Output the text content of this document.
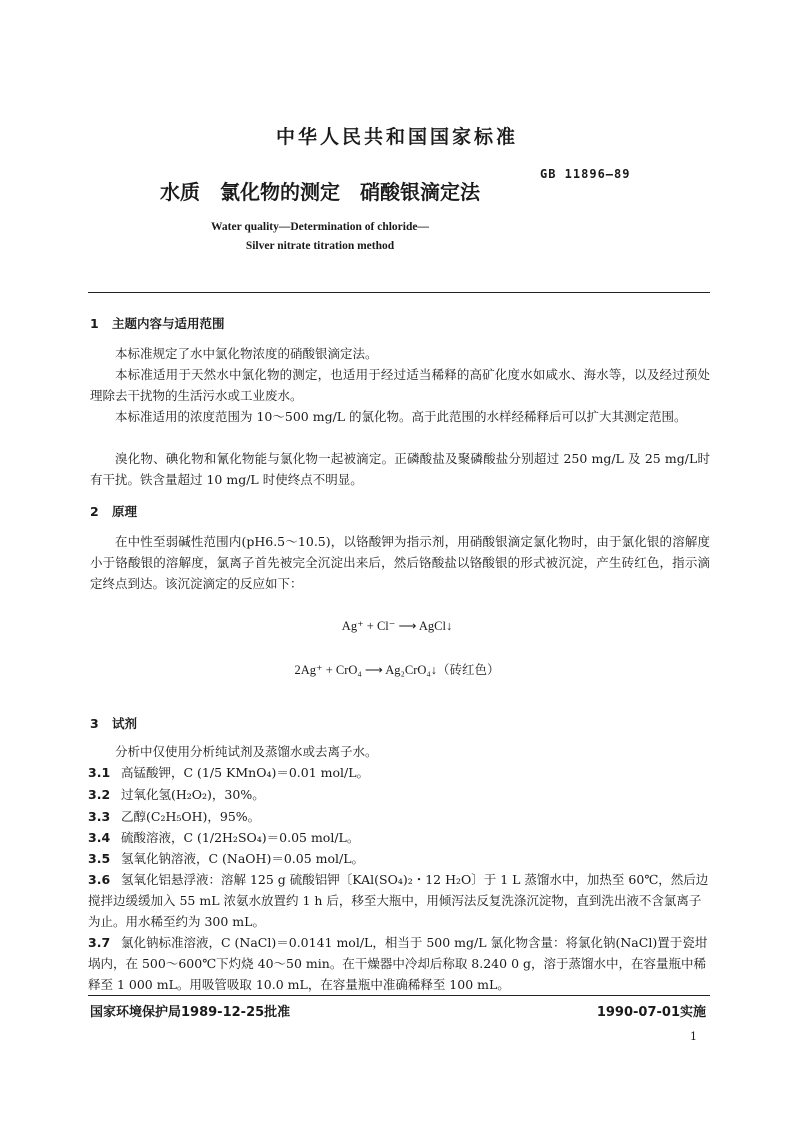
中华人民共和国国家标准
GB 11896—89
水质　氯化物的测定　硝酸银滴定法
Water quality—Determination of chloride—
Silver nitrate titration method
1 主题内容与适用范围
本标准规定了水中氯化物浓度的硝酸银滴定法。
本标准适用于天然水中氯化物的测定，也适用于经过适当稀释的高矿化度水如咸水、海水等，以及经过预处理除去干扰物的生活污水或工业废水。
本标准适用的浓度范围为 10～500 mg/L 的氯化物。高于此范围的水样经稀释后可以扩大其测定范围。
溴化物、碘化物和氰化物能与氯化物一起被滴定。正磷酸盐及聚磷酸盐分别超过 250 mg/L 及 25 mg/L时有干扰。铁含量超过 10 mg/L 时使终点不明显。
2 原理
在中性至弱碱性范围内(pH6.5～10.5)，以铬酸钾为指示剂，用硝酸银滴定氯化物时，由于氯化银的溶解度小于铬酸银的溶解度，氯离子首先被完全沉淀出来后，然后铬酸盐以铬酸银的形式被沉淀，产生砖红色，指示滴定终点到达。该沉淀滴定的反应如下：
Ag⁺ + Cl⁻ ⟶ AgCl↓
2Ag⁺ + CrO₄ ⟶ Ag₂CrO₄↓（砖红色）
3 试剂
分析中仅使用分析纯试剂及蒸馏水或去离子水。
3.1 高锰酸钾，C (1/5 KMnO₄)＝0.01 mol/L。
3.2 过氧化氢(H₂O₂)，30%。
3.3 乙醇(C₂H₅OH)，95%。
3.4 硫酸溶液，C (1/2H₂SO₄)＝0.05 mol/L。
3.5 氢氧化钠溶液，C (NaOH)＝0.05 mol/L。
3.6 氢氧化铝悬浮液：溶解 125 g 硫酸铝钾〔KAl(SO₄)₂・12 H₂O〕于 1 L 蒸馏水中，加热至 60℃，然后边搅拌边缓缓加入 55 mL 浓氨水放置约 1 h 后，移至大瓶中，用倾泻法反复洗涤沉淀物，直到洗出液不含氯离子为止。用水稀至约为 300 mL。
3.7 氯化钠标准溶液，C (NaCl)＝0.0141 mol/L，相当于 500 mg/L 氯化物含量：将氯化钠(NaCl)置于瓷坩埚内，在 500～600℃下灼烧 40～50 min。在干燥器中冷却后称取 8.240 0 g，溶于蒸馏水中，在容量瓶中稀释至 1 000 mL。用吸管吸取 10.0 mL，在容量瓶中准确稀释至 100 mL。
国家环境保护局1989-12-25批准	1990-07-01实施
1
